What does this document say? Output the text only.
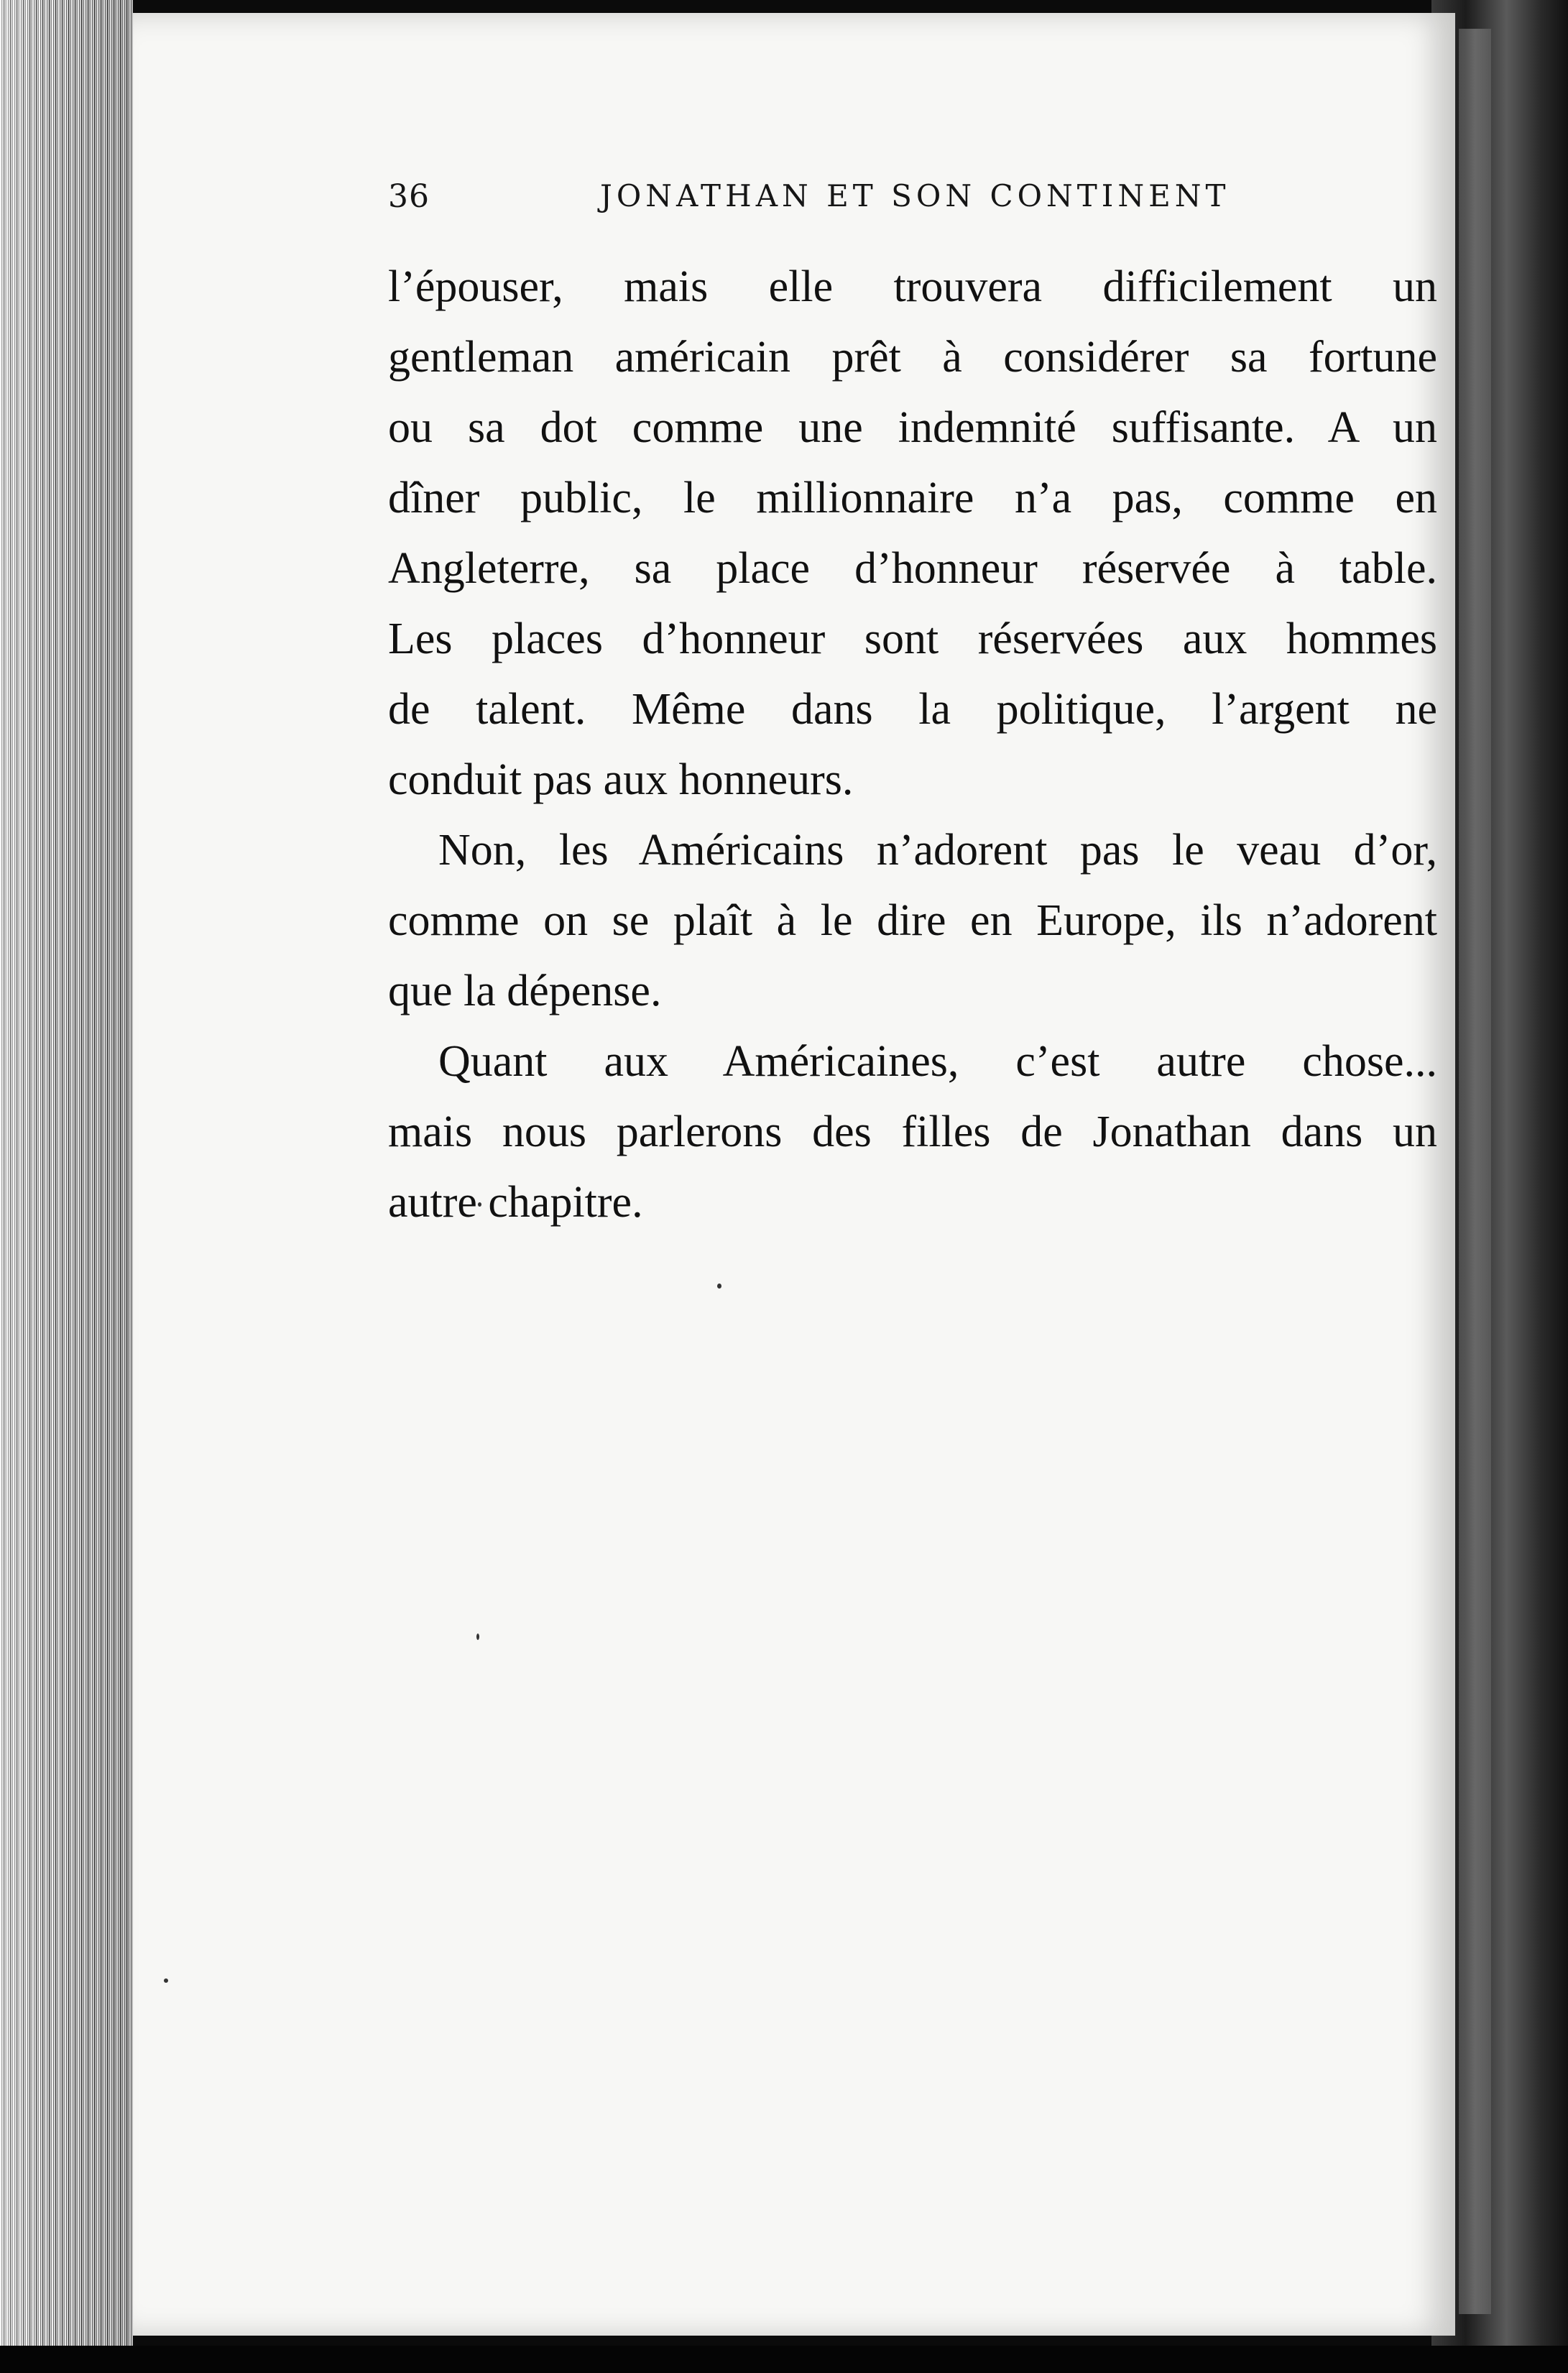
36	JONATHAN ET SON CONTINENT
l’épouser, mais elle trouvera difficilement un
gentleman américain prêt à considérer sa fortune
ou sa dot comme une indemnité suffisante. A un
dîner public, le millionnaire n’a pas, comme en
Angleterre, sa place d’honneur réservée à table.
Les places d’honneur sont réservées aux hommes
de talent. Même dans la politique, l’argent ne
conduit pas aux honneurs.
Non, les Américains n’adorent pas le veau d’or,
comme on se plaît à le dire en Europe, ils n’adorent
que la dépense.
Quant aux Américaines, c’est autre chose...
mais nous parlerons des filles de Jonathan dans un
autre chapitre.
